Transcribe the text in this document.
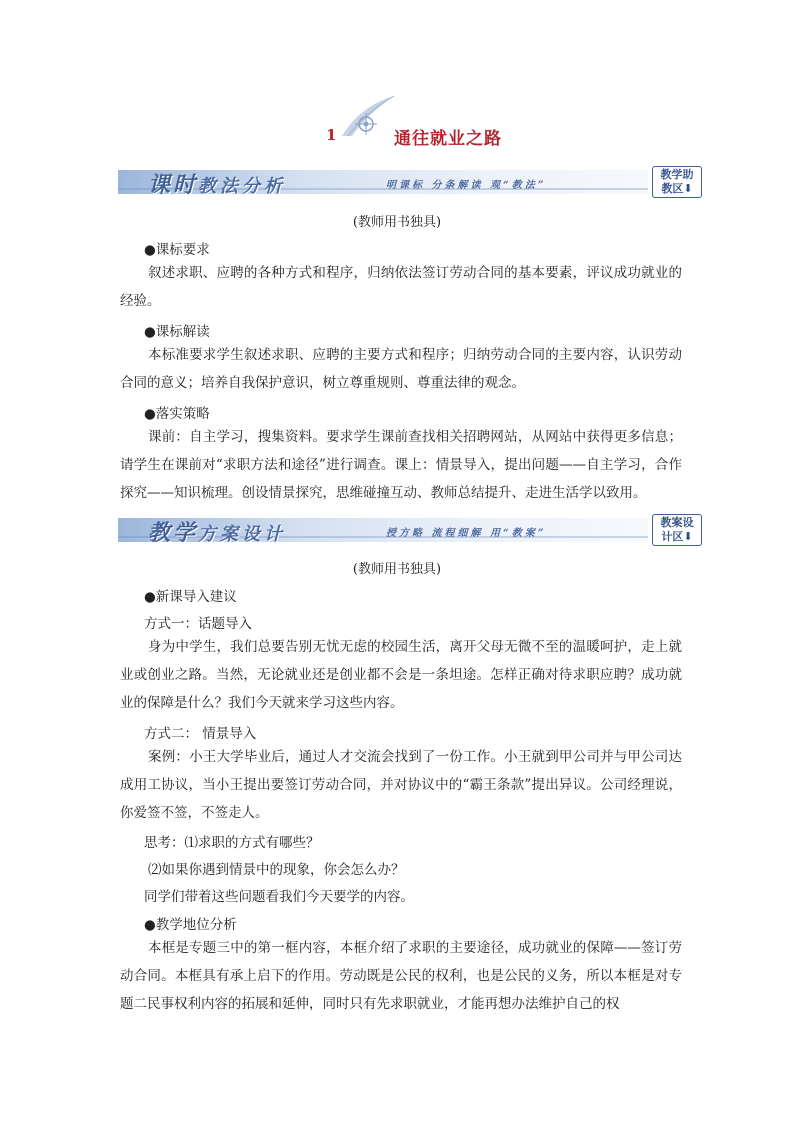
1	通往就业之路
课时教法分析	明课标 分条解读 观“教法”
教学助
教区⬇
(教师用书独具)
●课标要求
叙述求职、应聘的各种方式和程序，归纳依法签订劳动合同的基本要素，评议成功就业的经验。
●课标解读
本标准要求学生叙述求职、应聘的主要方式和程序；归纳劳动合同的主要内容，认识劳动合同的意义；培养自我保护意识，树立尊重规则、尊重法律的观念。
●落实策略
课前：自主学习，搜集资料。要求学生课前查找相关招聘网站，从网站中获得更多信息；请学生在课前对“求职方法和途径”进行调查。课上：情景导入，提出问题——自主学习，合作探究——知识梳理。创设情景探究，思维碰撞互动、教师总结提升、走进生活学以致用。
教学方案设计	授方略 流程细解 用“教案”
教案设
计区⬇
(教师用书独具)
●新课导入建议
方式一：话题导入
身为中学生，我们总要告别无忧无虑的校园生活，离开父母无微不至的温暖呵护，走上就业或创业之路。当然，无论就业还是创业都不会是一条坦途。怎样正确对待求职应聘？成功就业的保障是什么？我们今天就来学习这些内容。
方式二： 情景导入
案例：小王大学毕业后，通过人才交流会找到了一份工作。小王就到甲公司并与甲公司达成用工协议，当小王提出要签订劳动合同，并对协议中的“霸王条款”提出异议。公司经理说，你爱签不签，不签走人。
思考：⑴求职的方式有哪些？
⑵如果你遇到情景中的现象，你会怎么办？
同学们带着这些问题看我们今天要学的内容。
●教学地位分析
本框是专题三中的第一框内容，本框介绍了求职的主要途径，成功就业的保障——签订劳动合同。本框具有承上启下的作用。劳动既是公民的权利，也是公民的义务，所以本框是对专题二民事权利内容的拓展和延伸，同时只有先求职就业，才能再想办法维护自己的权
